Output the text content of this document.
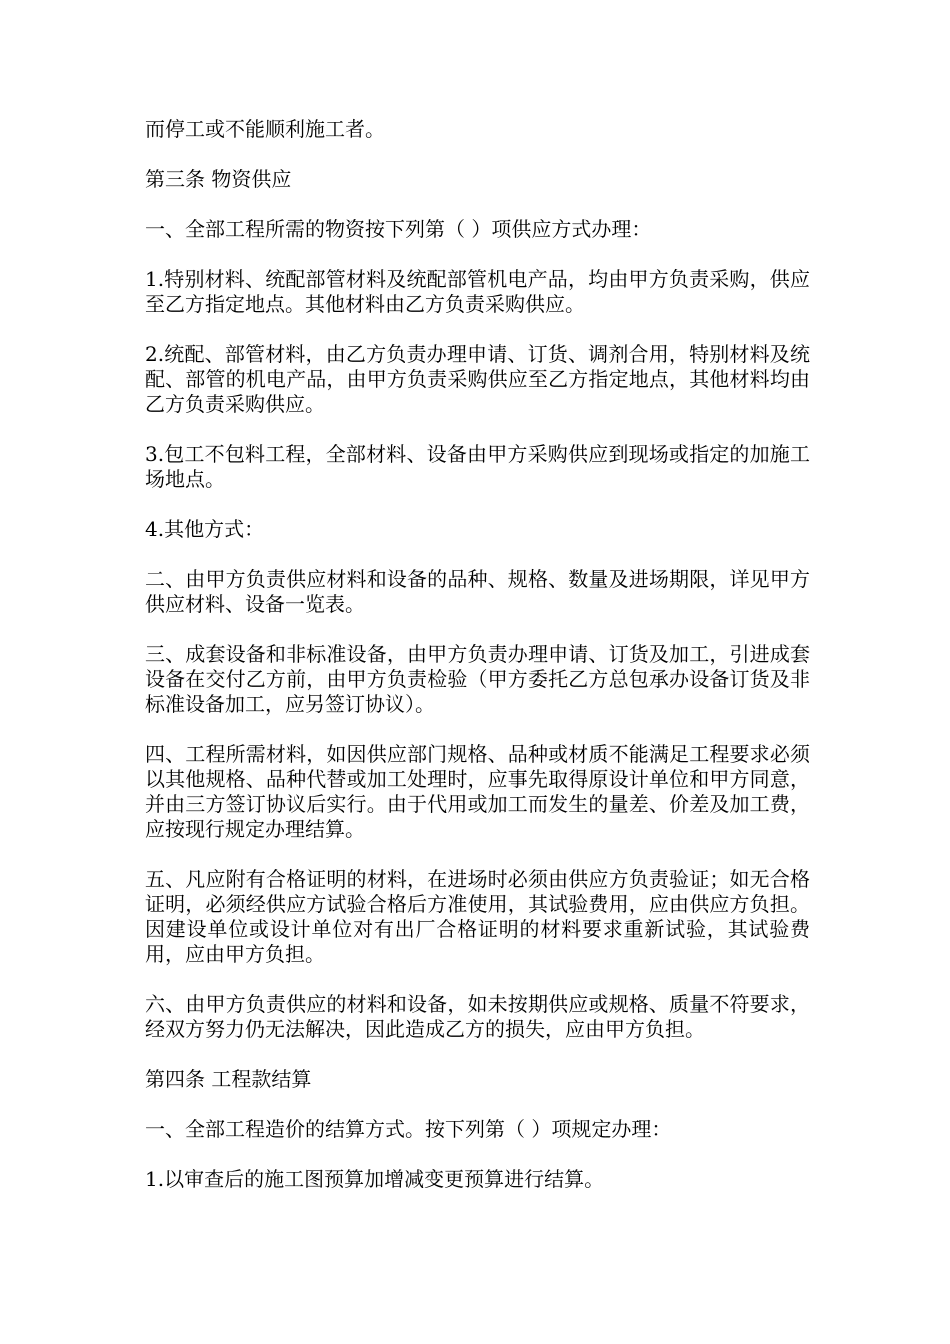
而停工或不能顺利施工者。

第三条 物资供应

一、全部工程所需的物资按下列第（ ）项供应方式办理：

1.特别材料、统配部管材料及统配部管机电产品，均由甲方负责采购，供应至乙方指定地点。其他材料由乙方负责采购供应。

2.统配、部管材料，由乙方负责办理申请、订货、调剂合用，特别材料及统配、部管的机电产品，由甲方负责采购供应至乙方指定地点，其他材料均由乙方负责采购供应。

3.包工不包料工程，全部材料、设备由甲方采购供应到现场或指定的加施工场地点。

4.其他方式：

二、由甲方负责供应材料和设备的品种、规格、数量及进场期限，详见甲方供应材料、设备一览表。

三、成套设备和非标准设备，由甲方负责办理申请、订货及加工，引进成套设备在交付乙方前，由甲方负责检验（甲方委托乙方总包承办设备订货及非标准设备加工，应另签订协议）。

四、工程所需材料，如因供应部门规格、品种或材质不能满足工程要求必须以其他规格、品种代替或加工处理时，应事先取得原设计单位和甲方同意，并由三方签订协议后实行。由于代用或加工而发生的量差、价差及加工费，应按现行规定办理结算。

五、凡应附有合格证明的材料，在进场时必须由供应方负责验证；如无合格证明，必须经供应方试验合格后方准使用，其试验费用，应由供应方负担。因建设单位或设计单位对有出厂合格证明的材料要求重新试验，其试验费用，应由甲方负担。

六、由甲方负责供应的材料和设备，如未按期供应或规格、质量不符要求，经双方努力仍无法解决，因此造成乙方的损失，应由甲方负担。

第四条 工程款结算

一、全部工程造价的结算方式。按下列第（ ）项规定办理：

1.以审查后的施工图预算加增减变更预算进行结算。
